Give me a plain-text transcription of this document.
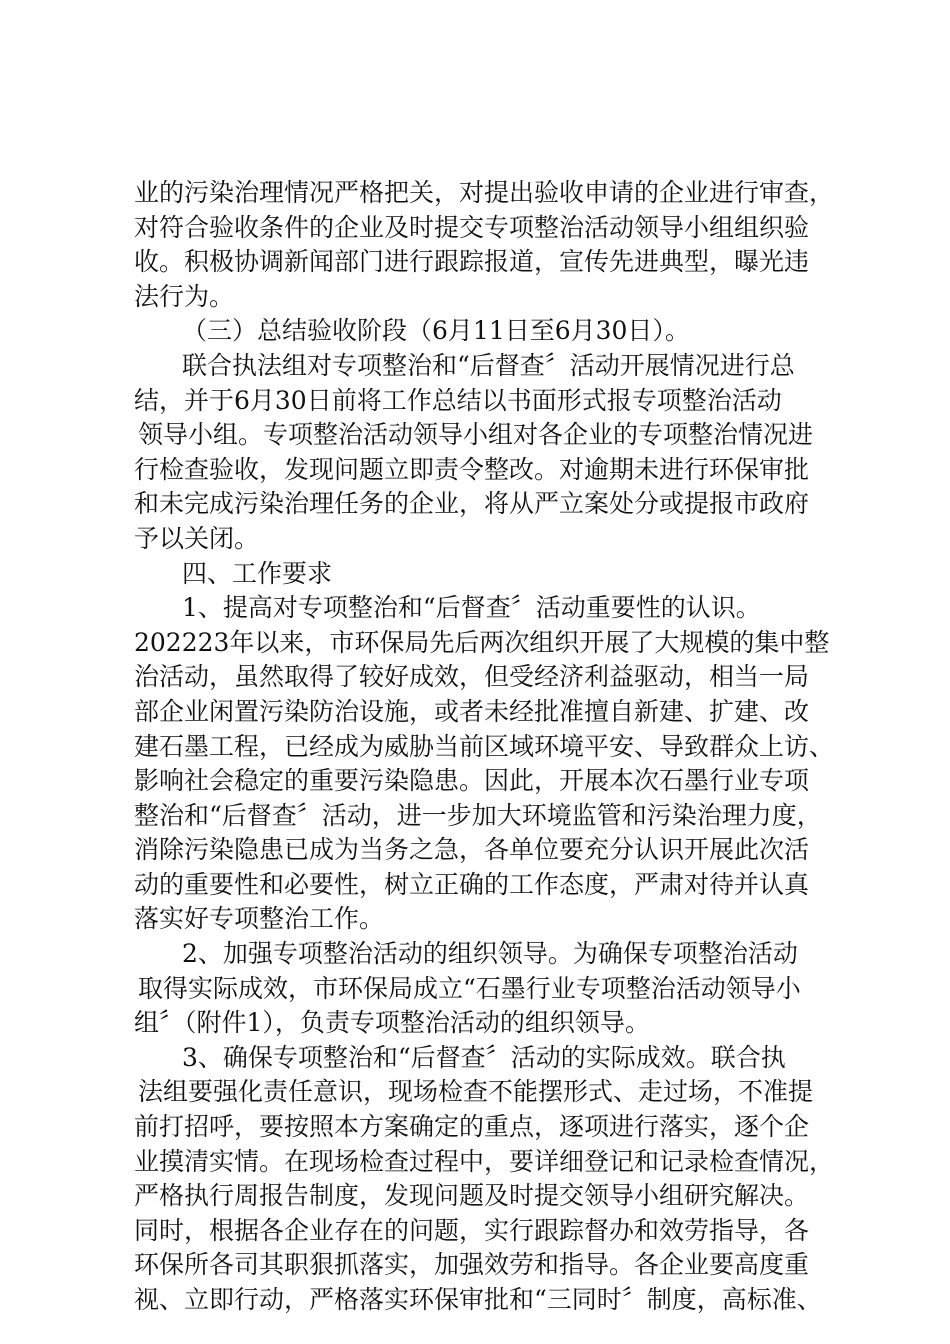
业的污染治理情况严格把关，对提出验收申请的企业进行审查，
对符合验收条件的企业及时提交专项整治活动领导小组组织验
收。积极协调新闻部门进行跟踪报道，宣传先进典型，曝光违
法行为。
（三）总结验收阶段（6月11日至6月30日）。
联合执法组对专项整治和“后督查〞活动开展情况进行总
结，并于6月30日前将工作总结以书面形式报专项整治活动
领导小组。专项整治活动领导小组对各企业的专项整治情况进
行检查验收，发现问题立即责令整改。对逾期未进行环保审批
和未完成污染治理任务的企业，将从严立案处分或提报市政府
予以关闭。
四、工作要求
1、提高对专项整治和“后督查〞活动重要性的认识。
202223年以来，市环保局先后两次组织开展了大规模的集中整
治活动，虽然取得了较好成效，但受经济利益驱动，相当一局
部企业闲置污染防治设施，或者未经批准擅自新建、扩建、改
建石墨工程，已经成为威胁当前区域环境平安、导致群众上访、
影响社会稳定的重要污染隐患。因此，开展本次石墨行业专项
整治和“后督查〞活动，进一步加大环境监管和污染治理力度，
消除污染隐患已成为当务之急，各单位要充分认识开展此次活
动的重要性和必要性，树立正确的工作态度，严肃对待并认真
落实好专项整治工作。
2、加强专项整治活动的组织领导。为确保专项整治活动
取得实际成效，市环保局成立“石墨行业专项整治活动领导小
组〞（附件1），负责专项整治活动的组织领导。
3、确保专项整治和“后督查〞活动的实际成效。联合执
法组要强化责任意识，现场检查不能摆形式、走过场，不准提
前打招呼，要按照本方案确定的重点，逐项进行落实，逐个企
业摸清实情。在现场检查过程中，要详细登记和记录检查情况，
严格执行周报告制度，发现问题及时提交领导小组研究解决。
同时，根据各企业存在的问题，实行跟踪督办和效劳指导，各
环保所各司其职狠抓落实，加强效劳和指导。各企业要高度重
视、立即行动，严格落实环保审批和“三同时〞制度，高标准、
